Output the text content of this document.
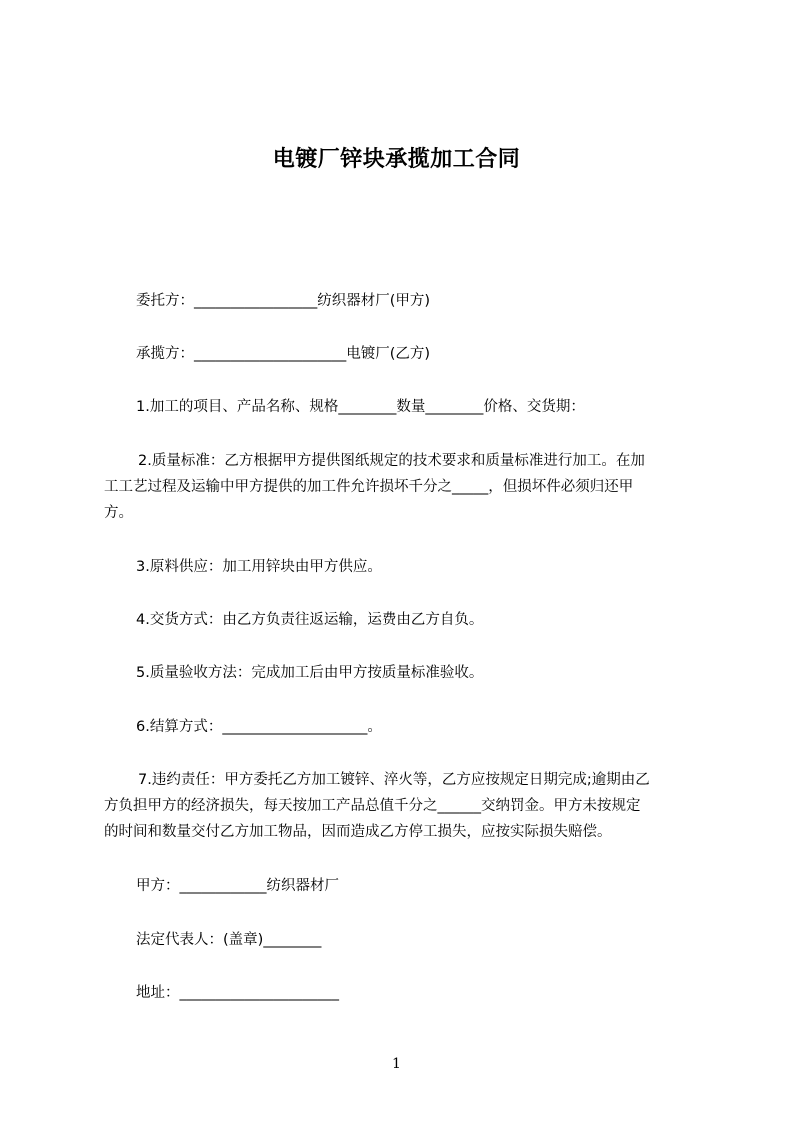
电镀厂锌块承揽加工合同

委托方：_________________纺织器材厂(甲方)

承揽方：_____________________电镀厂(乙方)

1.加工的项目、产品名称、规格________数量________价格、交货期：

2.质量标准：乙方根据甲方提供图纸规定的技术要求和质量标准进行加工。在加
工工艺过程及运输中甲方提供的加工件允许损坏千分之_____，但损坏件必须归还甲
方。

3.原料供应：加工用锌块由甲方供应。

4.交货方式：由乙方负责往返运输，运费由乙方自负。

5.质量验收方法：完成加工后由甲方按质量标准验收。

6.结算方式：____________________。

7.违约责任：甲方委托乙方加工镀锌、淬火等，乙方应按规定日期完成;逾期由乙
方负担甲方的经济损失，每天按加工产品总值千分之______交纳罚金。甲方未按规定
的时间和数量交付乙方加工物品，因而造成乙方停工损失，应按实际损失赔偿。

甲方：____________纺织器材厂

法定代表人：(盖章)________

地址：______________________

1
